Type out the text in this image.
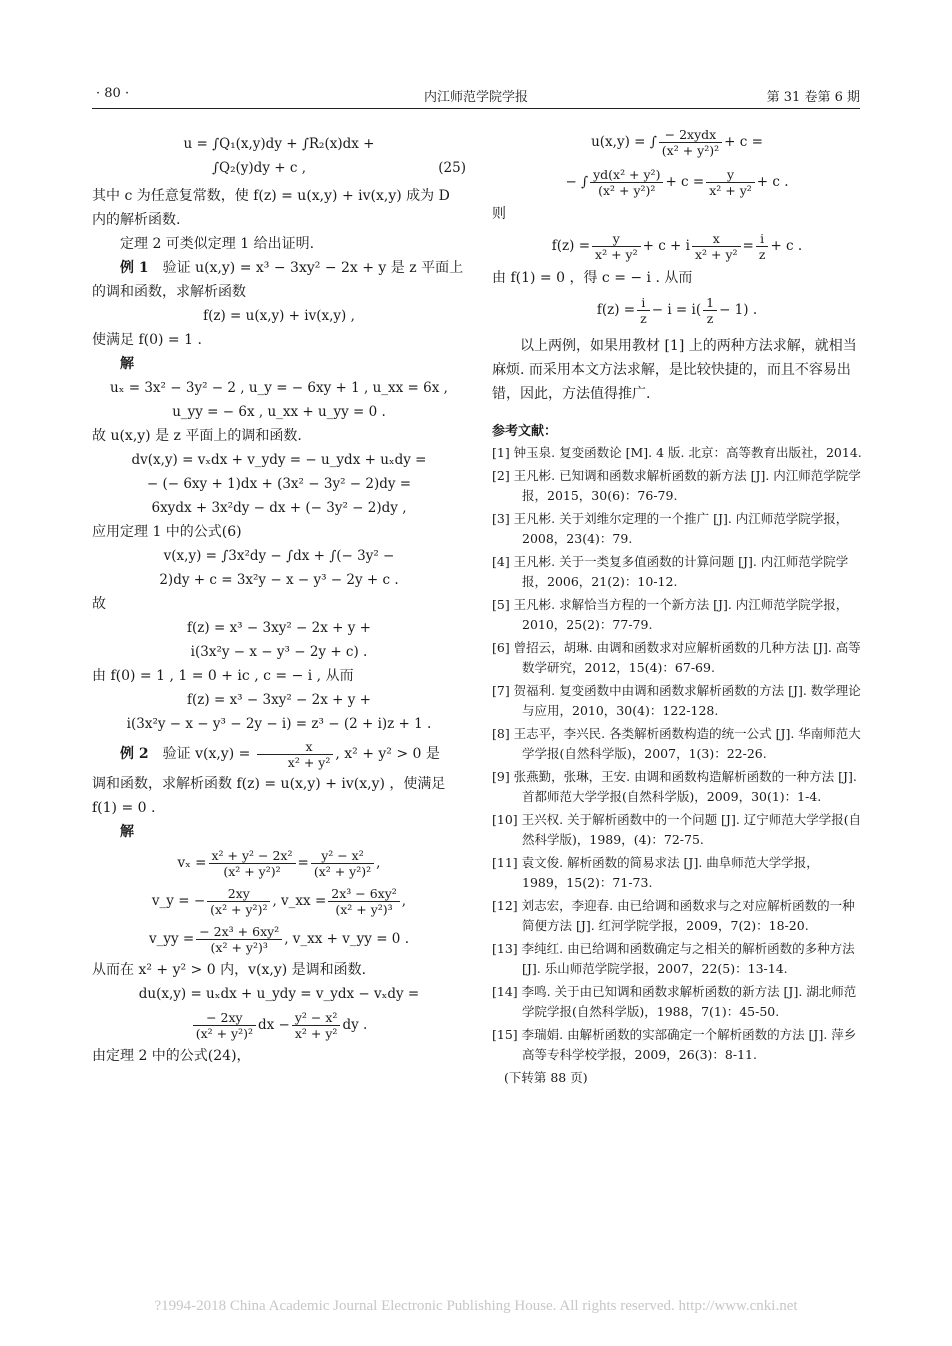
· 80 ·	内江师范学院学报	第 31 卷第 6 期

u = ∫Q₁(x,y)dy + ∫R₂(x)dx +

∫Q₂(y)dy + c ,	(25)

其中 c 为任意复常数，使 f(z) = u(x,y) + iv(x,y) 成为 D 内的解析函数.

定理 2 可类似定理 1 给出证明.

例 1　 验证 u(x,y) = x³ − 3xy² − 2x + y 是 z 平面上的调和函数，求解析函数

f(z) = u(x,y) + iv(x,y) ,

使满足 f(0) = 1 .

解

uₓ = 3x² − 3y² − 2 , u_y = − 6xy + 1 , u_xx = 6x ,

u_yy = − 6x , u_xx + u_yy = 0 .

故 u(x,y) 是 z 平面上的调和函数.

dv(x,y) = vₓdx + v_ydy = − u_ydx + uₓdy =

− (− 6xy + 1)dx + (3x² − 3y² − 2)dy =

6xydx + 3x²dy − dx + (− 3y² − 2)dy ,

应用定理 1 中的公式(6)

v(x,y) = ∫3x²dy − ∫dx + ∫(− 3y² −

2)dy + c = 3x²y − x − y³ − 2y + c .

故

f(z) = x³ − 3xy² − 2x + y +

i(3x²y − x − y³ − 2y + c) .

由 f(0) = 1 , 1 = 0 + ic , c = − i , 从而

f(z) = x³ − 3xy² − 2x + y +

i(3x²y − x − y³ − 2y − i) = z³ − (2 + i)z + 1 .

例 2　 验证 $v(x,y) = \frac{x}{\text{x² + y²}}$ , x² + y² > 0 是

调和函数，求解析函数 f(z) = u(x,y) + iv(x,y) ，使满足 f(1) = 0 .

解

$v_x = \frac{\text{x² + y² − 2x²}}{\text{(x² + y²)²}} = \frac{\text{y² − x²}}{\text{(x² + y²)²}}$ ,

v_y = − $\frac{2xy}{\text{(x² + y²)²}}$ , v_xx = $\frac{\text{2x³ − 6xy²}}{\text{(x² + y²)³}}$ ,

v_yy = $\frac{\text{− 2x³ + 6xy²}}{\text{(x² + y²)³}}$ , v_xx + v_yy = 0 .

从而在 x² + y² > 0 内，v(x,y) 是调和函数.

du(x,y) = uₓdx + u_ydy = v_ydx − vₓdy =

$\frac{- 2xy}{\text{(x² + y²)²}}$ dx − $\frac{\text{y² − x²}}{\text{x² + y²}}$ dy .

由定理 2 中的公式(24)，

u(x,y) = ∫ $\frac{\text{− 2xydx}}{\text{(x² + y²)²}} + c$ =

− ∫ $\frac{\text{yd(x² + y²)}}{\text{(x² + y²)²}} + c = \frac{y}{\text{x² + y²}} + c$ .

则

$f(z) = \frac{y}{\text{x² + y²}} + c + i \frac{x}{\text{x² + y²}} = \frac{i}{z} + c$ .

由 f(1) = 0 ，得 c = − i . 从而

$f(z) = \frac{i}{z} - i = i( \frac{1}{z} - 1)$ .

以上两例，如果用教材 [1] 上的两种方法求解，就相当麻烦. 而采用本文方法求解，是比较快捷的，而且不容易出错，因此，方法值得推广.

参考文献：

[1] 钟玉泉. 复变函数论 [M]. 4 版. 北京：高等教育出版社，2014.

[2] 王凡彬. 已知调和函数求解析函数的新方法 [J]. 内江师范学院学报，2015，30(6)：76-79.

[3] 王凡彬. 关于刘维尔定理的一个推广 [J]. 内江师范学院学报，2008，23(4)：79.

[4] 王凡彬. 关于一类复多值函数的计算问题 [J]. 内江师范学院学报，2006，21(2)：10-12.

[5] 王凡彬. 求解恰当方程的一个新方法 [J]. 内江师范学院学报，2010，25(2)：77-79.

[6] 曾招云，胡琳. 由调和函数求对应解析函数的几种方法 [J]. 高等数学研究，2012，15(4)：67-69.

[7] 贺福利. 复变函数中由调和函数求解析函数的方法 [J]. 数学理论与应用，2010，30(4)：122-128.

[8] 王志平，李兴民. 各类解析函数构造的统一公式 [J]. 华南师范大学学报(自然科学版)，2007，1(3)：22-26.

[9] 张燕勤，张琳，王安. 由调和函数构造解析函数的一种方法 [J]. 首都师范大学学报(自然科学版)，2009，30(1)：1-4.

[10] 王兴权. 关于解析函数中的一个问题 [J]. 辽宁师范大学学报(自然科学版)，1989，(4)：72-75.

[11] 袁文俊. 解析函数的简易求法 [J]. 曲阜师范大学学报，1989，15(2)：71-73.

[12] 刘志宏，李迎春. 由已给调和函数求与之对应解析函数的一种简便方法 [J]. 红河学院学报，2009，7(2)：18-20.

[13] 李纯红. 由已给调和函数确定与之相关的解析函数的多种方法 [J]. 乐山师范学院学报，2007，22(5)：13-14.

[14] 李鸣. 关于由已知调和函数求解析函数的新方法 [J]. 湖北师范学院学报(自然科学版)，1988，7(1)：45-50.

[15] 李瑞娟. 由解析函数的实部确定一个解析函数的方法 [J]. 萍乡高等专科学校学报，2009，26(3)：8-11.

(下转第 88 页)
?1994-2018 China Academic Journal Electronic Publishing House. All rights reserved. http://www.cnki.net
